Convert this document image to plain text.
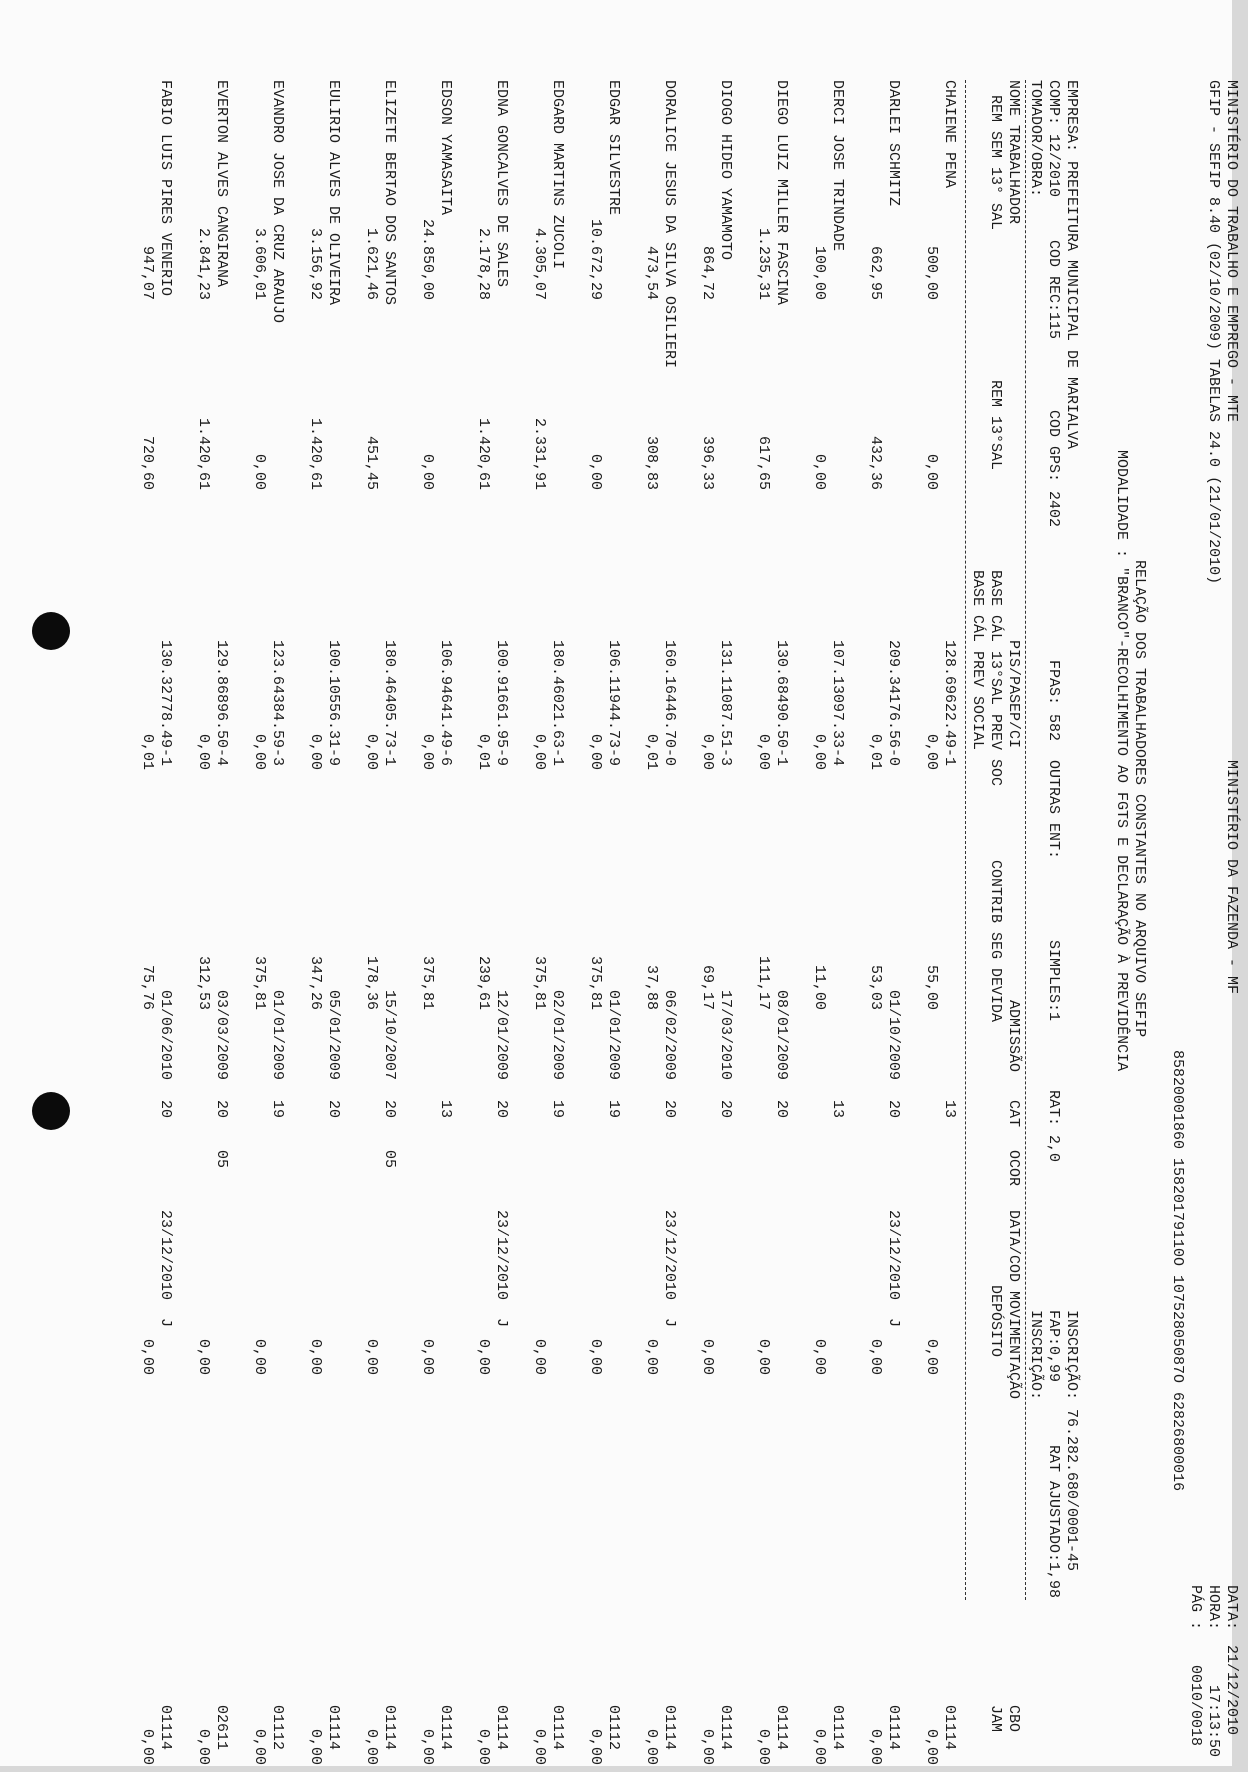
MINISTÉRIO DO TRABALHO E EMPREGO - MTE
MINISTÉRIO DA FAZENDA - MF
DATA:
21/12/2010
GFIP - SEFIP 8.40 (02/10/2009) TABELAS 24.0 (21/01/2010)
HORA:
17:13:50
PÁG :
0010/0018
85820001860 15820179110O 10752805087O 62826800016
RELAÇÃO DOS TRABALHADORES CONSTANTES NO ARQUIVO SEFIP
MODALIDADE : "BRANCO"-RECOLHIMENTO AO FGTS E DECLARAÇÃO À PREVIDÊNCIA
EMPRESA: PREFEITURA MUNICIPAL DE MARIALVA
INSCRIÇÃO: 76.282.680/0001-45
COMP: 12/2010
COD REC:115
COD GPS: 2402
FPAS: 582
OUTRAS ENT:
SIMPLES:1
RAT: 2,0
FAP:0,99
RAT AJUSTADO:1,98
TOMADOR/OBRA:
INSCRIÇÃO:
NOME TRABALHADOR
PIS/PASEP/CI
ADMISSÃO
CAT
OCOR
DATA/COD MOVIMENTAÇÃO
CBO
REM SEM 13° SAL
REM 13°SAL
BASE CÁL 13°SAL PREV SOC
CONTRIB SEG DEVIDA
DEPÓSITO
JAM
BASE CÁL PREV SOCIAL
CHAIENE PENA
128.69622.49-1
13
01114
500,00
0,00
0,00
55,00
0,00
0,00
DARLEI SCHMITZ
209.34176.56-0
01/10/2009
20
23/12/2010  J
01114
662,95
432,36
0,01
53,03
0,00
0,00
DERCI JOSE TRINDADE
107.13097.33-4
13
01114
100,00
0,00
0,00
11,00
0,00
0,00
DIEGO LUIZ MILLER FASCINA
130.68490.50-1
08/01/2009
20
01114
1.235,31
617,65
0,00
111,17
0,00
0,00
DIOGO HIDEO YAMAMOTO
131.11087.51-3
17/03/2010
20
01114
864,72
396,33
0,00
69,17
0,00
0,00
DORALICE JESUS DA SILVA OSILIERI
160.16446.70-0
06/02/2009
20
23/12/2010  J
01114
473,54
308,83
0,01
37,88
0,00
0,00
EDGAR SILVESTRE
106.11944.73-9
01/01/2009
19
01112
10.672,29
0,00
0,00
375,81
0,00
0,00
EDGARD MARTINS ZUCOLI
180.46021.63-1
02/01/2009
19
01114
4.305,07
2.331,91
0,00
375,81
0,00
0,00
EDNA GONCALVES DE SALES
100.91661.95-9
12/01/2009
20
23/12/2010  J
01114
2.178,28
1.420,61
0,01
239,61
0,00
0,00
EDSON YAMASAITA
106.94641.49-6
13
01114
24.850,00
0,00
0,00
375,81
0,00
0,00
ELIZETE BERTAO DOS SANTOS
180.46405.73-1
15/10/2007
20
05
01114
1.621,46
451,45
0,00
178,36
0,00
0,00
EULIRIO ALVES DE OLIVEIRA
100.10556.31-9
05/01/2009
20
01114
3.156,92
1.420,61
0,00
347,26
0,00
0,00
EVANDRO JOSE DA CRUZ ARAUJO
123.64384.59-3
01/01/2009
19
01112
3.606,01
0,00
0,00
375,81
0,00
0,00
EVERTON ALVES CANGIRANA
129.86896.50-4
03/03/2009
20
05
02611
2.841,23
1.420,61
0,00
312,53
0,00
0,00
FABIO LUIS PIRES VENERIO
130.32778.49-1
01/06/2010
20
23/12/2010  J
01114
947,07
720,60
0,01
75,76
0,00
0,00
